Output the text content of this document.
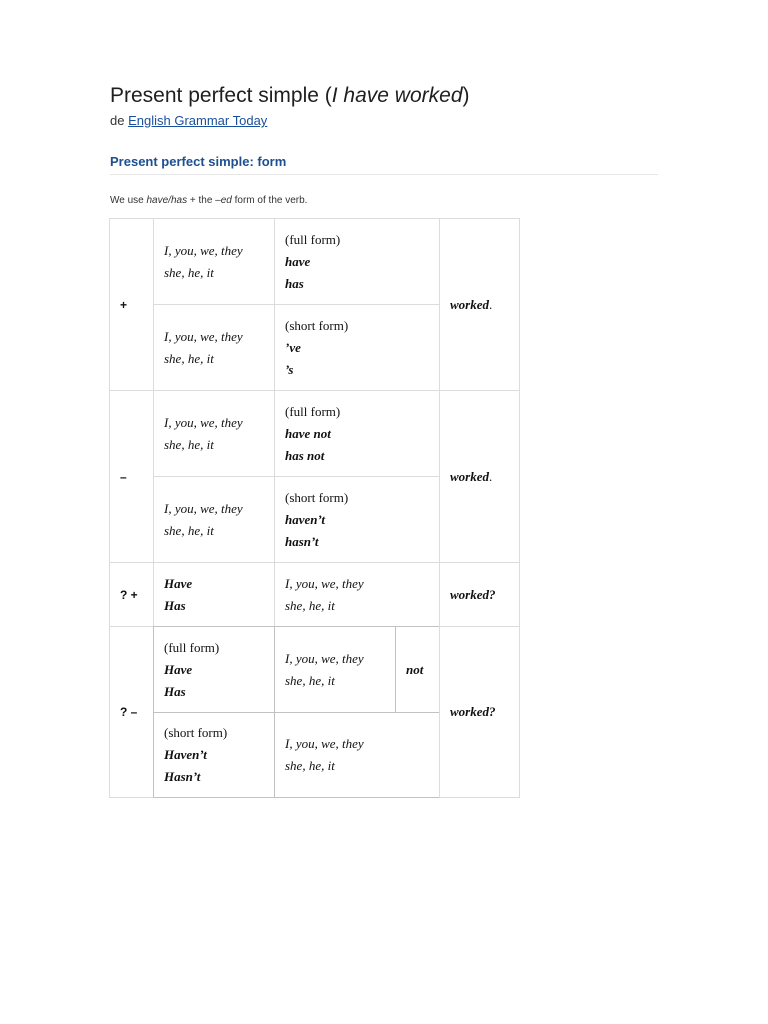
Present perfect simple (I have worked)
de English Grammar Today
Present perfect simple: form
We use have/has + the –ed form of the verb.
+
I, you, we, they
she, he, it
(full form)
have
has
I, you, we, they
she, he, it
(short form)
’ve
’s
worked.
–
I, you, we, they
she, he, it
(full form)
have not
has not
I, you, we, they
she, he, it
(short form)
haven’t
hasn’t
worked.
? +
Have
Has
I, you, we, they
she, he, it
worked?
? –
(full form)
Have
Has
I, you, we, they
she, he, it
not
(short form)
Haven’t
Hasn’t
I, you, we, they
she, he, it
worked?
